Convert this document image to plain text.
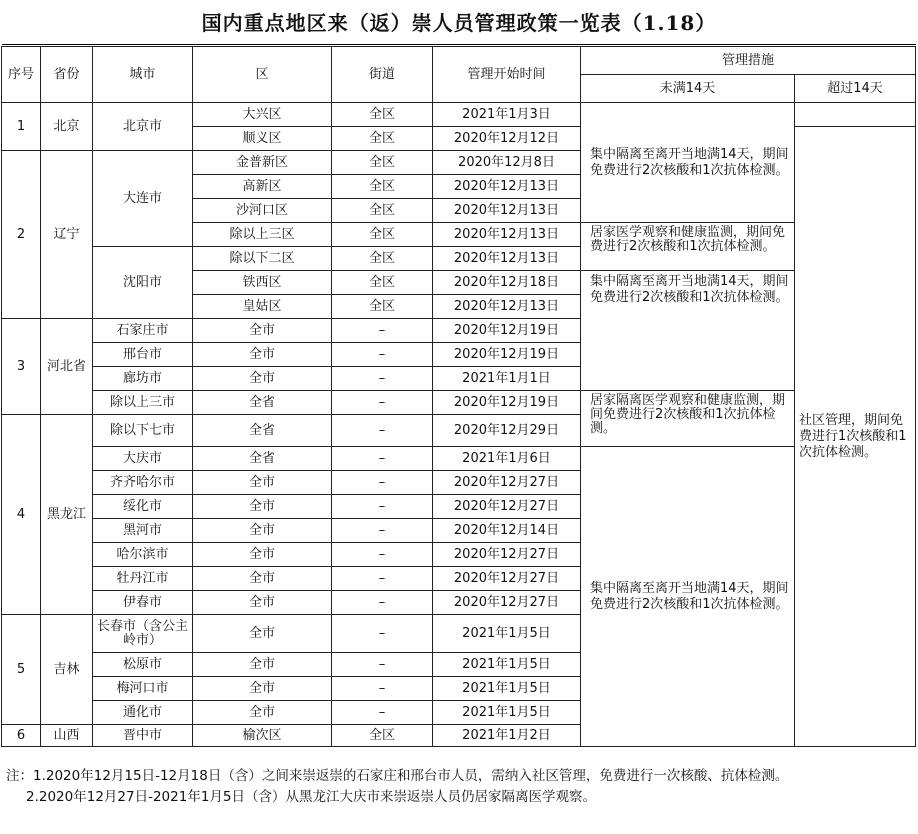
国内重点地区来（返）崇人员管理政策一览表（1.18）
序号	省份	城市	区	街道	管理开始时间	管理措施	
						未满14天	超过14天
1	北京	北京市	大兴区	全区	2021年1月3日	集中隔离至离开当地满14天，期间免费进行2次核酸和1次抗体检测。	
			顺义区	全区	2020年12月12日		社区管理，期间免费进行1次核酸和1次抗体检测。
2	辽宁	大连市	金普新区	全区	2020年12月8日		
			高新区	全区	2020年12月13日		
			沙河口区	全区	2020年12月13日		
			除以上三区	全区	2020年12月13日	居家医学观察和健康监测，期间免费进行2次核酸和1次抗体检测。	
		沈阳市	除以下二区	全区	2020年12月13日		
			铁西区	全区	2020年12月18日	集中隔离至离开当地满14天，期间免费进行2次核酸和1次抗体检测。	
			皇姑区	全区	2020年12月13日		
3	河北省	石家庄市	全市	–	2020年12月19日		
		邢台市	全市	–	2020年12月19日		
		廊坊市	全市	–	2021年1月1日		
		除以上三市	全省	–	2020年12月19日	居家隔离医学观察和健康监测，期间免费进行2次核酸和1次抗体检测。	
4	黑龙江	除以下七市	全省	–	2020年12月29日		
		大庆市	全省	–	2021年1月6日	集中隔离至离开当地满14天，期间免费进行2次核酸和1次抗体检测。	
		齐齐哈尔市	全市	–	2020年12月27日		
		绥化市	全市	–	2020年12月27日		
		黑河市	全市	–	2020年12月14日		
		哈尔滨市	全市	–	2020年12月27日		
		牡丹江市	全市	–	2020年12月27日		
		伊春市	全市	–	2020年12月27日		
5	吉林	长春市（含公主岭市）	全市	–	2021年1月5日		
		松原市	全市	–	2021年1月5日		
		梅河口市	全市	–	2021年1月5日		
		通化市	全市	–	2021年1月5日		
6	山西	晋中市	榆次区	全区	2021年1月2日		

注：1.2020年12月15日-12月18日（含）之间来崇返崇的石家庄和邢台市人员，需纳入社区管理，免费进行一次核酸、抗体检测。

2.2020年12月27日-2021年1月5日（含）从黑龙江大庆市来崇返崇人员仍居家隔离医学观察。
